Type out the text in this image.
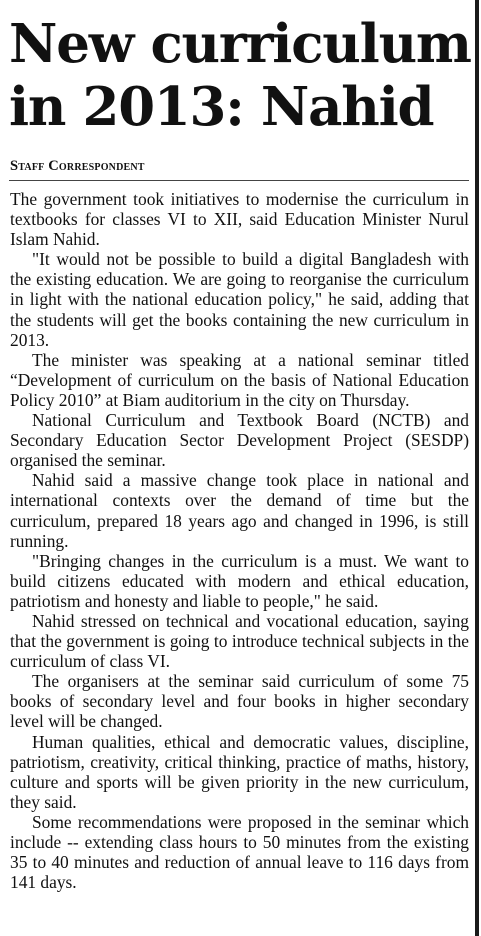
New curriculum in 2013: Nahid
Staff Correspondent

The government took initiatives to modernise the curriculum in textbooks for classes VI to XII, said Education Minister Nurul Islam Nahid.

"It would not be possible to build a digital Bangladesh with the existing education. We are going to reorganise the curriculum in light with the national education policy," he said, adding that the students will get the books containing the new curriculum in 2013.

The minister was speaking at a national seminar titled “Development of curriculum on the basis of National Education Policy 2010” at Biam auditorium in the city on Thursday.

National Curriculum and Textbook Board (NCTB) and Secondary Education Sector Development Project (SESDP) organised the seminar.

Nahid said a massive change took place in national and international contexts over the demand of time but the curriculum, prepared 18 years ago and changed in 1996, is still running.

"Bringing changes in the curriculum is a must. We want to build citizens educated with modern and ethical education, patriotism and honesty and liable to people," he said.

Nahid stressed on technical and vocational education, saying that the government is going to introduce technical subjects in the curriculum of class VI.

The organisers at the seminar said curriculum of some 75 books of secondary level and four books in higher secondary level will be changed.

Human qualities, ethical and democratic values, discipline, patriotism, creativity, critical thinking, practice of maths, history, culture and sports will be given priority in the new curriculum, they said.

Some recommendations were proposed in the seminar which include -- extending class hours to 50 minutes from the existing 35 to 40 minutes and reduction of annual leave to 116 days from 141 days.
